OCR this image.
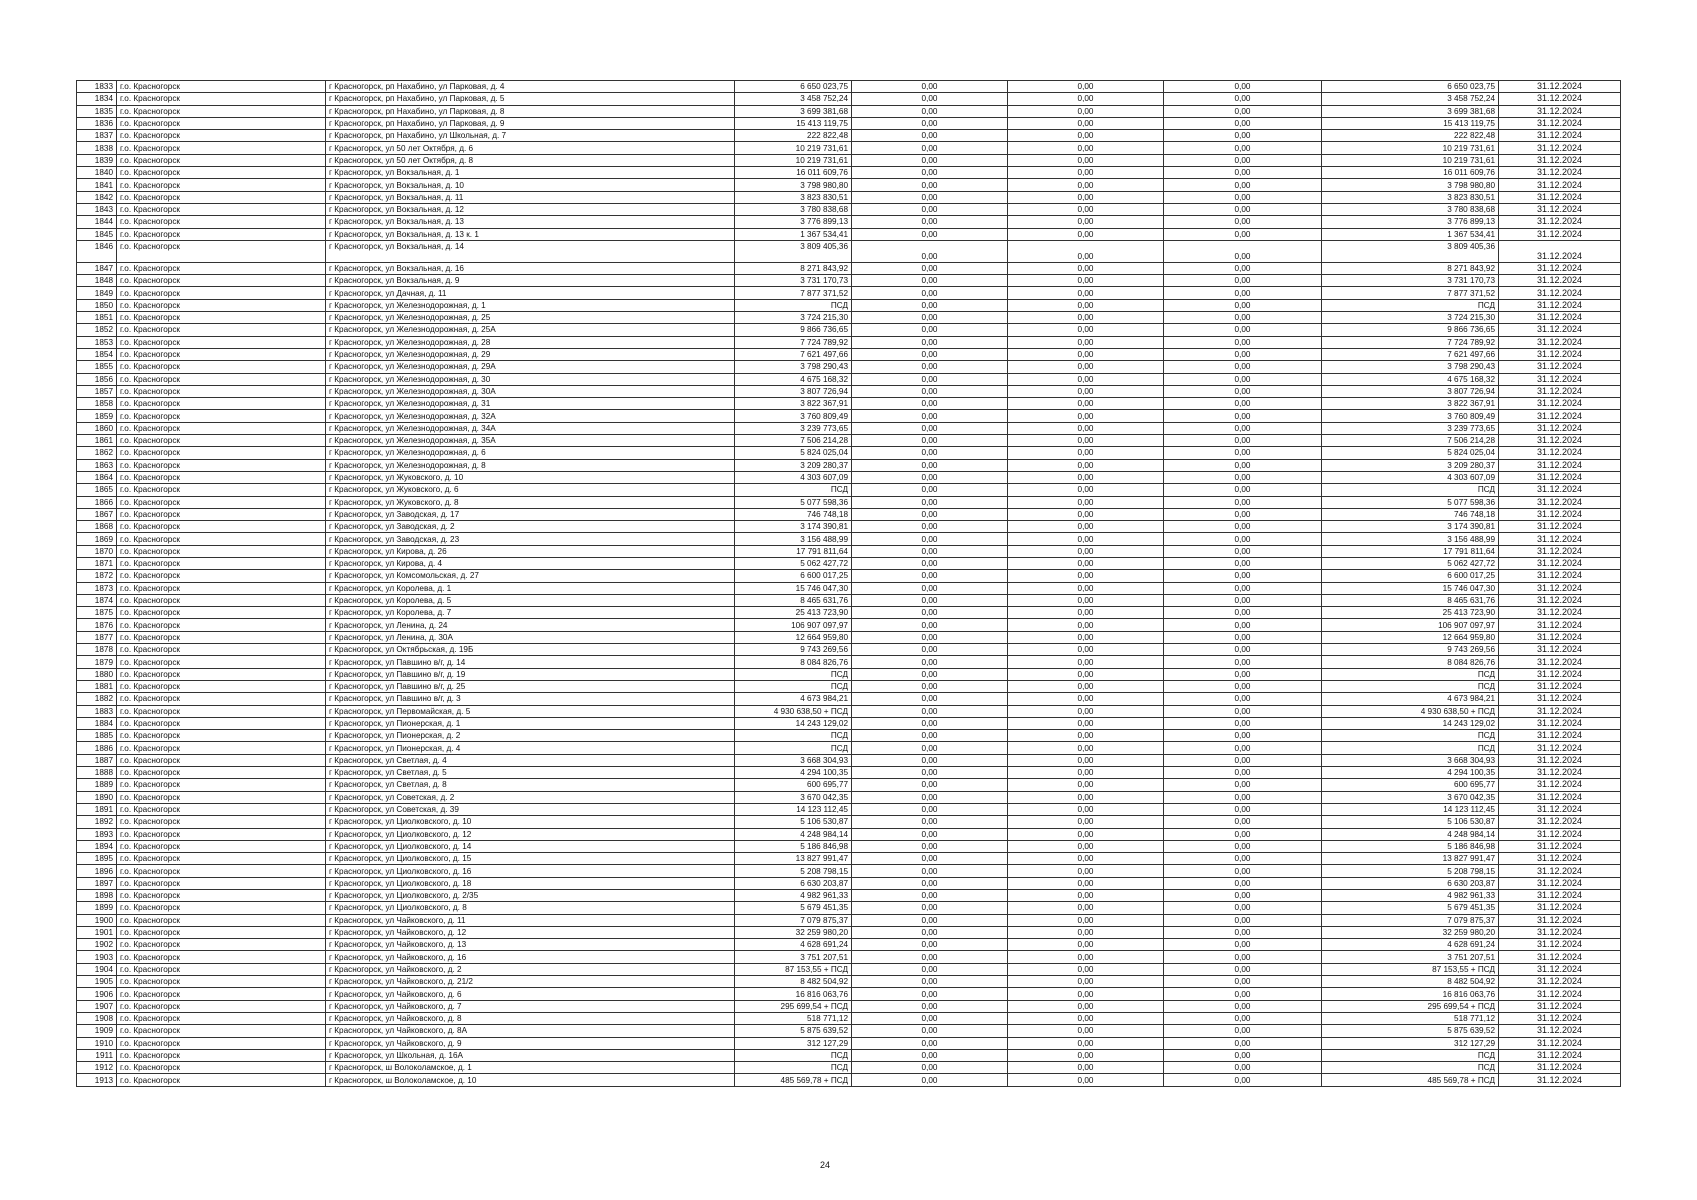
1833	г.о. Красногорск	г Красногорск, рп Нахабино, ул Парковая, д. 4	6 650 023,75	0,00	0,00	0,00	6 650 023,75	31.12.2024
1834	г.о. Красногорск	г Красногорск, рп Нахабино, ул Парковая, д. 5	3 458 752,24	0,00	0,00	0,00	3 458 752,24	31.12.2024
1835	г.о. Красногорск	г Красногорск, рп Нахабино, ул Парковая, д. 8	3 699 381,68	0,00	0,00	0,00	3 699 381,68	31.12.2024
1836	г.о. Красногорск	г Красногорск, рп Нахабино, ул Парковая, д. 9	15 413 119,75	0,00	0,00	0,00	15 413 119,75	31.12.2024
1837	г.о. Красногорск	г Красногорск, рп Нахабино, ул Школьная, д. 7	222 822,48	0,00	0,00	0,00	222 822,48	31.12.2024
1838	г.о. Красногорск	г Красногорск, ул 50 лет Октября, д. 6	10 219 731,61	0,00	0,00	0,00	10 219 731,61	31.12.2024
1839	г.о. Красногорск	г Красногорск, ул 50 лет Октября, д. 8	10 219 731,61	0,00	0,00	0,00	10 219 731,61	31.12.2024
1840	г.о. Красногорск	г Красногорск, ул Вокзальная, д. 1	16 011 609,76	0,00	0,00	0,00	16 011 609,76	31.12.2024
1841	г.о. Красногорск	г Красногорск, ул Вокзальная, д. 10	3 798 980,80	0,00	0,00	0,00	3 798 980,80	31.12.2024
1842	г.о. Красногорск	г Красногорск, ул Вокзальная, д. 11	3 823 830,51	0,00	0,00	0,00	3 823 830,51	31.12.2024
1843	г.о. Красногорск	г Красногорск, ул Вокзальная, д. 12	3 780 838,68	0,00	0,00	0,00	3 780 838,68	31.12.2024
1844	г.о. Красногорск	г Красногорск, ул Вокзальная, д. 13	3 776 899,13	0,00	0,00	0,00	3 776 899,13	31.12.2024
1845	г.о. Красногорск	г Красногорск, ул Вокзальная, д. 13 к. 1	1 367 534,41	0,00	0,00	0,00	1 367 534,41	31.12.2024
1846	г.о. Красногорск	г Красногорск, ул Вокзальная, д. 14	3 809 405,36	0,00	0,00	0,00	3 809 405,36	31.12.2024
1847	г.о. Красногорск	г Красногорск, ул Вокзальная, д. 16	8 271 843,92	0,00	0,00	0,00	8 271 843,92	31.12.2024
1848	г.о. Красногорск	г Красногорск, ул Вокзальная, д. 9	3 731 170,73	0,00	0,00	0,00	3 731 170,73	31.12.2024
1849	г.о. Красногорск	г Красногорск, ул Дачная, д. 11	7 877 371,52	0,00	0,00	0,00	7 877 371,52	31.12.2024
1850	г.о. Красногорск	г Красногорск, ул Железнодорожная, д. 1	ПСД	0,00	0,00	0,00	ПСД	31.12.2024
1851	г.о. Красногорск	г Красногорск, ул Железнодорожная, д. 25	3 724 215,30	0,00	0,00	0,00	3 724 215,30	31.12.2024
1852	г.о. Красногорск	г Красногорск, ул Железнодорожная, д. 25А	9 866 736,65	0,00	0,00	0,00	9 866 736,65	31.12.2024
1853	г.о. Красногорск	г Красногорск, ул Железнодорожная, д. 28	7 724 789,92	0,00	0,00	0,00	7 724 789,92	31.12.2024
1854	г.о. Красногорск	г Красногорск, ул Железнодорожная, д. 29	7 621 497,66	0,00	0,00	0,00	7 621 497,66	31.12.2024
1855	г.о. Красногорск	г Красногорск, ул Железнодорожная, д. 29А	3 798 290,43	0,00	0,00	0,00	3 798 290,43	31.12.2024
1856	г.о. Красногорск	г Красногорск, ул Железнодорожная, д. 30	4 675 168,32	0,00	0,00	0,00	4 675 168,32	31.12.2024
1857	г.о. Красногорск	г Красногорск, ул Железнодорожная, д. 30А	3 807 726,94	0,00	0,00	0,00	3 807 726,94	31.12.2024
1858	г.о. Красногорск	г Красногорск, ул Железнодорожная, д. 31	3 822 367,91	0,00	0,00	0,00	3 822 367,91	31.12.2024
1859	г.о. Красногорск	г Красногорск, ул Железнодорожная, д. 32А	3 760 809,49	0,00	0,00	0,00	3 760 809,49	31.12.2024
1860	г.о. Красногорск	г Красногорск, ул Железнодорожная, д. 34А	3 239 773,65	0,00	0,00	0,00	3 239 773,65	31.12.2024
1861	г.о. Красногорск	г Красногорск, ул Железнодорожная, д. 35А	7 506 214,28	0,00	0,00	0,00	7 506 214,28	31.12.2024
1862	г.о. Красногорск	г Красногорск, ул Железнодорожная, д. 6	5 824 025,04	0,00	0,00	0,00	5 824 025,04	31.12.2024
1863	г.о. Красногорск	г Красногорск, ул Железнодорожная, д. 8	3 209 280,37	0,00	0,00	0,00	3 209 280,37	31.12.2024
1864	г.о. Красногорск	г Красногорск, ул Жуковского, д. 10	4 303 607,09	0,00	0,00	0,00	4 303 607,09	31.12.2024
1865	г.о. Красногорск	г Красногорск, ул Жуковского, д. 6	ПСД	0,00	0,00	0,00	ПСД	31.12.2024
1866	г.о. Красногорск	г Красногорск, ул Жуковского, д. 8	5 077 598,36	0,00	0,00	0,00	5 077 598,36	31.12.2024
1867	г.о. Красногорск	г Красногорск, ул Заводская, д. 17	746 748,18	0,00	0,00	0,00	746 748,18	31.12.2024
1868	г.о. Красногорск	г Красногорск, ул Заводская, д. 2	3 174 390,81	0,00	0,00	0,00	3 174 390,81	31.12.2024
1869	г.о. Красногорск	г Красногорск, ул Заводская, д. 23	3 156 488,99	0,00	0,00	0,00	3 156 488,99	31.12.2024
1870	г.о. Красногорск	г Красногорск, ул Кирова, д. 26	17 791 811,64	0,00	0,00	0,00	17 791 811,64	31.12.2024
1871	г.о. Красногорск	г Красногорск, ул Кирова, д. 4	5 062 427,72	0,00	0,00	0,00	5 062 427,72	31.12.2024
1872	г.о. Красногорск	г Красногорск, ул Комсомольская, д. 27	6 600 017,25	0,00	0,00	0,00	6 600 017,25	31.12.2024
1873	г.о. Красногорск	г Красногорск, ул Королева, д. 1	15 746 047,30	0,00	0,00	0,00	15 746 047,30	31.12.2024
1874	г.о. Красногорск	г Красногорск, ул Королева, д. 5	8 465 631,76	0,00	0,00	0,00	8 465 631,76	31.12.2024
1875	г.о. Красногорск	г Красногорск, ул Королева, д. 7	25 413 723,90	0,00	0,00	0,00	25 413 723,90	31.12.2024
1876	г.о. Красногорск	г Красногорск, ул Ленина, д. 24	106 907 097,97	0,00	0,00	0,00	106 907 097,97	31.12.2024
1877	г.о. Красногорск	г Красногорск, ул Ленина, д. 30А	12 664 959,80	0,00	0,00	0,00	12 664 959,80	31.12.2024
1878	г.о. Красногорск	г Красногорск, ул Октябрьская, д. 19Б	9 743 269,56	0,00	0,00	0,00	9 743 269,56	31.12.2024
1879	г.о. Красногорск	г Красногорск, ул Павшино в/г, д. 14	8 084 826,76	0,00	0,00	0,00	8 084 826,76	31.12.2024
1880	г.о. Красногорск	г Красногорск, ул Павшино в/г, д. 19	ПСД	0,00	0,00	0,00	ПСД	31.12.2024
1881	г.о. Красногорск	г Красногорск, ул Павшино в/г, д. 25	ПСД	0,00	0,00	0,00	ПСД	31.12.2024
1882	г.о. Красногорск	г Красногорск, ул Павшино в/г, д. 3	4 673 984,21	0,00	0,00	0,00	4 673 984,21	31.12.2024
1883	г.о. Красногорск	г Красногорск, ул Первомайская, д. 5	4 930 638,50 + ПСД	0,00	0,00	0,00	4 930 638,50 + ПСД	31.12.2024
1884	г.о. Красногорск	г Красногорск, ул Пионерская, д. 1	14 243 129,02	0,00	0,00	0,00	14 243 129,02	31.12.2024
1885	г.о. Красногорск	г Красногорск, ул Пионерская, д. 2	ПСД	0,00	0,00	0,00	ПСД	31.12.2024
1886	г.о. Красногорск	г Красногорск, ул Пионерская, д. 4	ПСД	0,00	0,00	0,00	ПСД	31.12.2024
1887	г.о. Красногорск	г Красногорск, ул Светлая, д. 4	3 668 304,93	0,00	0,00	0,00	3 668 304,93	31.12.2024
1888	г.о. Красногорск	г Красногорск, ул Светлая, д. 5	4 294 100,35	0,00	0,00	0,00	4 294 100,35	31.12.2024
1889	г.о. Красногорск	г Красногорск, ул Светлая, д. 8	600 695,77	0,00	0,00	0,00	600 695,77	31.12.2024
1890	г.о. Красногорск	г Красногорск, ул Советская, д. 2	3 670 042,35	0,00	0,00	0,00	3 670 042,35	31.12.2024
1891	г.о. Красногорск	г Красногорск, ул Советская, д. 39	14 123 112,45	0,00	0,00	0,00	14 123 112,45	31.12.2024
1892	г.о. Красногорск	г Красногорск, ул Циолковского, д. 10	5 106 530,87	0,00	0,00	0,00	5 106 530,87	31.12.2024
1893	г.о. Красногорск	г Красногорск, ул Циолковского, д. 12	4 248 984,14	0,00	0,00	0,00	4 248 984,14	31.12.2024
1894	г.о. Красногорск	г Красногорск, ул Циолковского, д. 14	5 186 846,98	0,00	0,00	0,00	5 186 846,98	31.12.2024
1895	г.о. Красногорск	г Красногорск, ул Циолковского, д. 15	13 827 991,47	0,00	0,00	0,00	13 827 991,47	31.12.2024
1896	г.о. Красногорск	г Красногорск, ул Циолковского, д. 16	5 208 798,15	0,00	0,00	0,00	5 208 798,15	31.12.2024
1897	г.о. Красногорск	г Красногорск, ул Циолковского, д. 18	6 630 203,87	0,00	0,00	0,00	6 630 203,87	31.12.2024
1898	г.о. Красногорск	г Красногорск, ул Циолковского, д. 2/35	4 982 961,33	0,00	0,00	0,00	4 982 961,33	31.12.2024
1899	г.о. Красногорск	г Красногорск, ул Циолковского, д. 8	5 679 451,35	0,00	0,00	0,00	5 679 451,35	31.12.2024
1900	г.о. Красногорск	г Красногорск, ул Чайковского, д. 11	7 079 875,37	0,00	0,00	0,00	7 079 875,37	31.12.2024
1901	г.о. Красногорск	г Красногорск, ул Чайковского, д. 12	32 259 980,20	0,00	0,00	0,00	32 259 980,20	31.12.2024
1902	г.о. Красногорск	г Красногорск, ул Чайковского, д. 13	4 628 691,24	0,00	0,00	0,00	4 628 691,24	31.12.2024
1903	г.о. Красногорск	г Красногорск, ул Чайковского, д. 16	3 751 207,51	0,00	0,00	0,00	3 751 207,51	31.12.2024
1904	г.о. Красногорск	г Красногорск, ул Чайковского, д. 2	87 153,55 + ПСД	0,00	0,00	0,00	87 153,55 + ПСД	31.12.2024
1905	г.о. Красногорск	г Красногорск, ул Чайковского, д. 21/2	8 482 504,92	0,00	0,00	0,00	8 482 504,92	31.12.2024
1906	г.о. Красногорск	г Красногорск, ул Чайковского, д. 6	16 816 063,76	0,00	0,00	0,00	16 816 063,76	31.12.2024
1907	г.о. Красногорск	г Красногорск, ул Чайковского, д. 7	295 699,54 + ПСД	0,00	0,00	0,00	295 699,54 + ПСД	31.12.2024
1908	г.о. Красногорск	г Красногорск, ул Чайковского, д. 8	518 771,12	0,00	0,00	0,00	518 771,12	31.12.2024
1909	г.о. Красногорск	г Красногорск, ул Чайковского, д. 8А	5 875 639,52	0,00	0,00	0,00	5 875 639,52	31.12.2024
1910	г.о. Красногорск	г Красногорск, ул Чайковского, д. 9	312 127,29	0,00	0,00	0,00	312 127,29	31.12.2024
1911	г.о. Красногорск	г Красногорск, ул Школьная, д. 16А	ПСД	0,00	0,00	0,00	ПСД	31.12.2024
1912	г.о. Красногорск	г Красногорск, ш Волоколамское, д. 1	ПСД	0,00	0,00	0,00	ПСД	31.12.2024
1913	г.о. Красногорск	г Красногорск, ш Волоколамское, д. 10	485 569,78 + ПСД	0,00	0,00	0,00	485 569,78 + ПСД	31.12.2024
24
